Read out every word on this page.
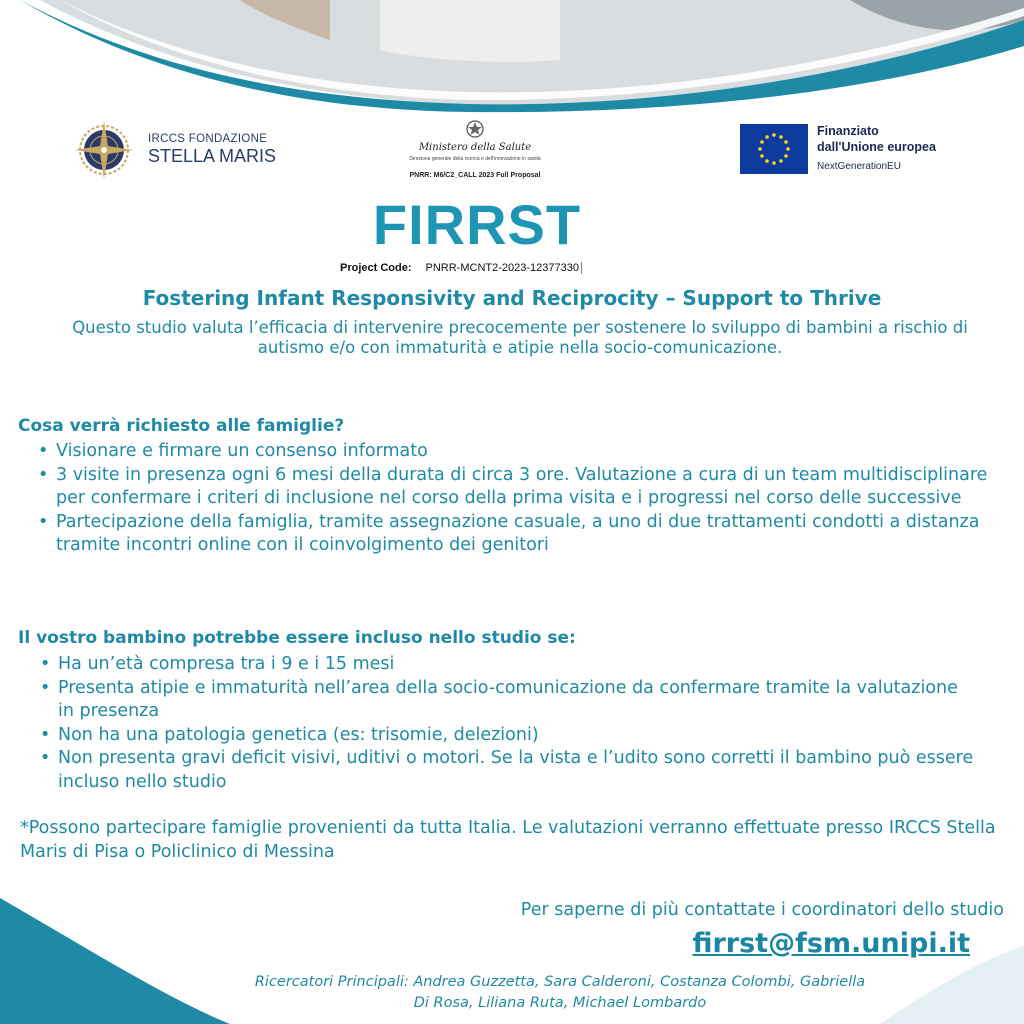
IRCCS FONDAZIONE
STELLA MARIS	Ministero della Salute
Direzione generale della ricerca e dell'innovazione in sanità
PNRR: M6/C2_CALL 2023 Full Proposal
Finanziato
dall'Unione europea
NextGenerationEU
FIRRST
Project Code: PNRR-MCNT2-2023-12377330
Fostering Infant Responsivity and Reciprocity – Support to Thrive
Questo studio valuta l’efficacia di intervenire precocemente per sostenere lo sviluppo di bambini a rischio di autismo e/o con immaturità e atipie nella socio-comunicazione.
Cosa verrà richiesto alle famiglie?
• Visionare e firmare un consenso informato
• 3 visite in presenza ogni 6 mesi della durata di circa 3 ore. Valutazione a cura di un team multidisciplinare per confermare i criteri di inclusione nel corso della prima visita e i progressi nel corso delle successive
• Partecipazione della famiglia, tramite assegnazione casuale, a uno di due trattamenti condotti a distanza tramite incontri online con il coinvolgimento dei genitori
Il vostro bambino potrebbe essere incluso nello studio se:
• Ha un’età compresa tra i 9 e i 15 mesi
• Presenta atipie e immaturità nell’area della socio-comunicazione da confermare tramite la valutazione in presenza
• Non ha una patologia genetica (es: trisomie, delezioni)
• Non presenta gravi deficit visivi, uditivi o motori. Se la vista e l’udito sono corretti il bambino può essere incluso nello studio
*Possono partecipare famiglie provenienti da tutta Italia. Le valutazioni verranno effettuate presso IRCCS Stella Maris di Pisa o Policlinico di Messina
Per saperne di più contattate i coordinatori dello studio
firrst@fsm.unipi.it
Ricercatori Principali: Andrea Guzzetta, Sara Calderoni, Costanza Colombi, Gabriella Di Rosa, Liliana Ruta, Michael Lombardo
